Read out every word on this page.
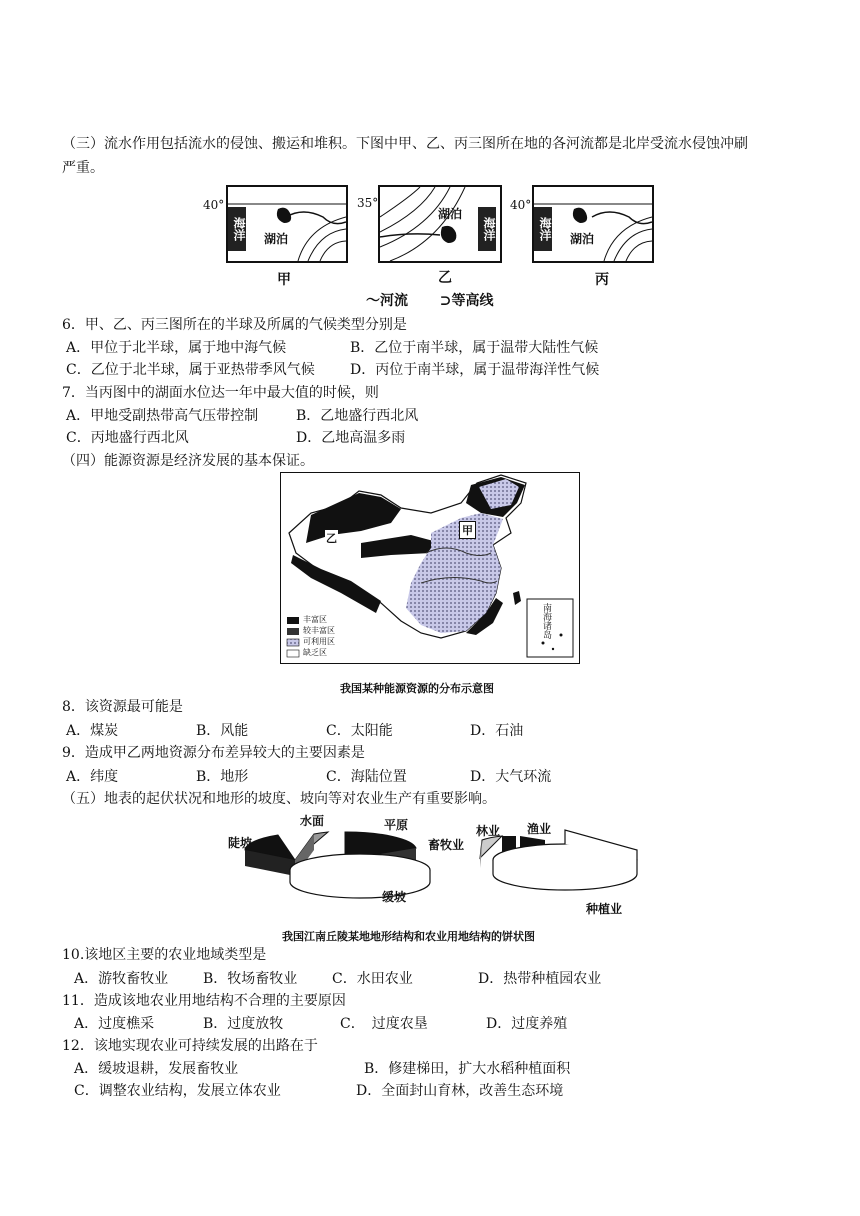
（三）流水作用包括流水的侵蚀、搬运和堆积。下图中甲、乙、丙三图所在地的各河流都是北岸受流水侵蚀冲刷
严重。
40°
海洋 湖泊
甲
35°
湖泊
海洋
乙
40°
海洋 湖泊
丙
～河流 ⊃等高线
6．甲、乙、丙三图所在的半球及所属的气候类型分别是
A．甲位于北半球，属于地中海气候	B．乙位于南半球，属于温带大陆性气候
C．乙位于北半球，属于亚热带季风气候	D．丙位于南半球，属于温带海洋性气候
7．当丙图中的湖面水位达一年中最大值的时候，则
A．甲地受副热带高气压带控制	B．乙地盛行西北风
C．丙地盛行西北风	D．乙地高温多雨
（四）能源资源是经济发展的基本保证。
乙
甲
南海诸岛
丰富区
较丰富区
可利用区
缺乏区
我国某种能源资源的分布示意图
8．该资源最可能是
A．煤炭	B．风能	C．太阳能	D．石油
9．造成甲乙两地资源分布差异较大的主要因素是
A．纬度	B．地形	C．海陆位置	D．大气环流
（五）地表的起伏状况和地形的坡度、坡向等对农业生产有重要影响。
陡坡
水面	平原
缓坡
畜牧业
林业 渔业
种植业
我国江南丘陵某地地形结构和农业用地结构的饼状图
10.该地区主要的农业地域类型是
A．游牧畜牧业 B．牧场畜牧业 C．水田农业	D．热带种植园农业
11．造成该地农业用地结构不合理的主要原因
A．过度樵采	B．过度放牧	C．　过度农垦	D．过度养殖
12．该地实现农业可持续发展的出路在于
A．缓坡退耕，发展畜牧业	B．修建梯田，扩大水稻种植面积
C．调整农业结构，发展立体农业	D．全面封山育林，改善生态环境
